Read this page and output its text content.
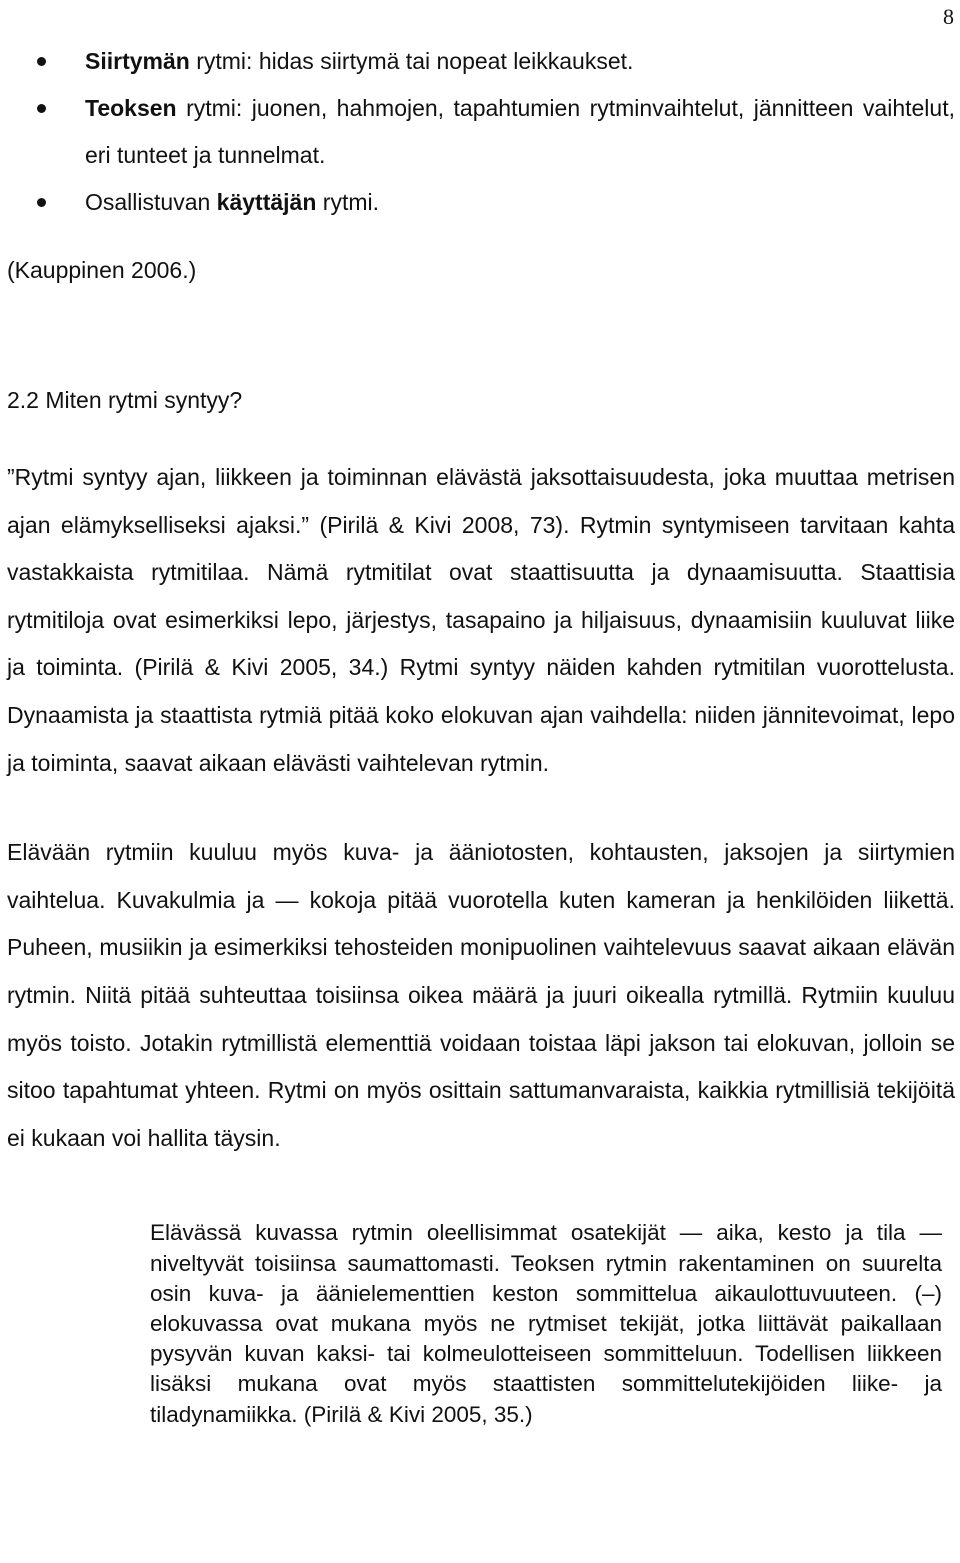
8
Siirtymän rytmi: hidas siirtymä tai nopeat leikkaukset.
Teoksen rytmi: juonen, hahmojen, tapahtumien rytminvaihtelut, jännitteen vaihtelut, eri tunteet ja tunnelmat.
Osallistuvan käyttäjän rytmi.

(Kauppinen 2006.)

2.2 Miten rytmi syntyy?

”Rytmi syntyy ajan, liikkeen ja toiminnan elävästä jaksottaisuudesta, joka muuttaa metrisen ajan elämykselliseksi ajaksi.” (Pirilä & Kivi 2008, 73). Rytmin syntymiseen tarvitaan kahta vastakkaista rytmitilaa. Nämä rytmitilat ovat staattisuutta ja dynaamisuutta. Staattisia rytmitiloja ovat esimerkiksi lepo, järjestys, tasapaino ja hiljaisuus, dynaamisiin kuuluvat liike ja toiminta. (Pirilä & Kivi 2005, 34.) Rytmi syntyy näiden kahden rytmitilan vuorottelusta. Dynaamista ja staattista rytmiä pitää koko elokuvan ajan vaihdella: niiden jännitevoimat, lepo ja toiminta, saavat aikaan elävästi vaihtelevan rytmin.

Elävään rytmiin kuuluu myös kuva- ja ääniotosten, kohtausten, jaksojen ja siirtymien vaihtelua. Kuvakulmia ja — kokoja pitää vuorotella kuten kameran ja henkilöiden liikettä. Puheen, musiikin ja esimerkiksi tehosteiden monipuolinen vaihtelevuus saavat aikaan elävän rytmin. Niitä pitää suhteuttaa toisiinsa oikea määrä ja juuri oikealla rytmillä. Rytmiin kuuluu myös toisto. Jotakin rytmillistä elementtiä voidaan toistaa läpi jakson tai elokuvan, jolloin se sitoo tapahtumat yhteen. Rytmi on myös osittain sattumanvaraista, kaikkia rytmillisiä tekijöitä ei kukaan voi hallita täysin.

Elävässä kuvassa rytmin oleellisimmat osatekijät — aika, kesto ja tila — niveltyvät toisiinsa saumattomasti. Teoksen rytmin rakentaminen on suurelta osin kuva- ja äänielementtien keston sommittelua aikaulottuvuuteen. (–) elokuvassa ovat mukana myös ne rytmiset tekijät, jotka liittävät paikallaan pysyvän kuvan kaksi- tai kolmeulotteiseen sommitteluun. Todellisen liikkeen lisäksi mukana ovat myös staattisten sommittelutekijöiden liike- ja tiladynamiikka. (Pirilä & Kivi 2005, 35.)
